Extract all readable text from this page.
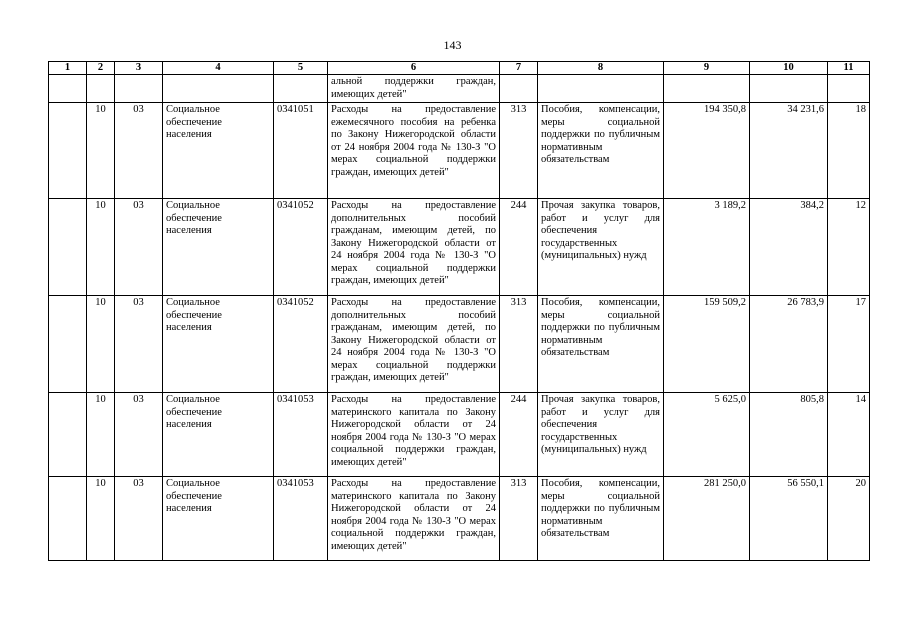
143
1	2	3	4	5	6	7	8	9	10	11
					альной поддержки граждан, имеющих детей"					
	10	03	Социальное обеспечение населения	0341051	Расходы на предоставление ежемесячного пособия на ребенка по Закону Нижегородской области от 24 ноября 2004 года № 130-З "О мерах социальной поддержки граждан, имеющих детей"	313	Пособия, компенсации, меры социальной поддержки по публичным нормативным обязательствам	194 350,8	34 231,6	18
	10	03	Социальное обеспечение населения	0341052	Расходы на предоставление дополнительных пособий гражданам, имеющим детей, по Закону Нижегородской области от 24 ноября 2004 года № 130-З "О мерах социальной поддержки граждан, имеющих детей"	244	Прочая закупка товаров, работ и услуг для обеспечения государственных (муниципальных) нужд	3 189,2	384,2	12
	10	03	Социальное обеспечение населения	0341052	Расходы на предоставление дополнительных пособий гражданам, имеющим детей, по Закону Нижегородской области от 24 ноября 2004 года № 130-З "О мерах социальной поддержки граждан, имеющих детей"	313	Пособия, компенсации, меры социальной поддержки по публичным нормативным обязательствам	159 509,2	26 783,9	17
	10	03	Социальное обеспечение населения	0341053	Расходы на предоставление материнского капитала по Закону Нижегородской области от 24 ноября 2004 года № 130-З "О мерах социальной поддержки граждан, имеющих детей"	244	Прочая закупка товаров, работ и услуг для обеспечения государственных (муниципальных) нужд	5 625,0	805,8	14
	10	03	Социальное обеспечение населения	0341053	Расходы на предоставление материнского капитала по Закону Нижегородской области от 24 ноября 2004 года № 130-З "О мерах социальной поддержки граждан, имеющих детей"	313	Пособия, компенсации, меры социальной поддержки по публичным нормативным обязательствам	281 250,0	56 550,1	20
